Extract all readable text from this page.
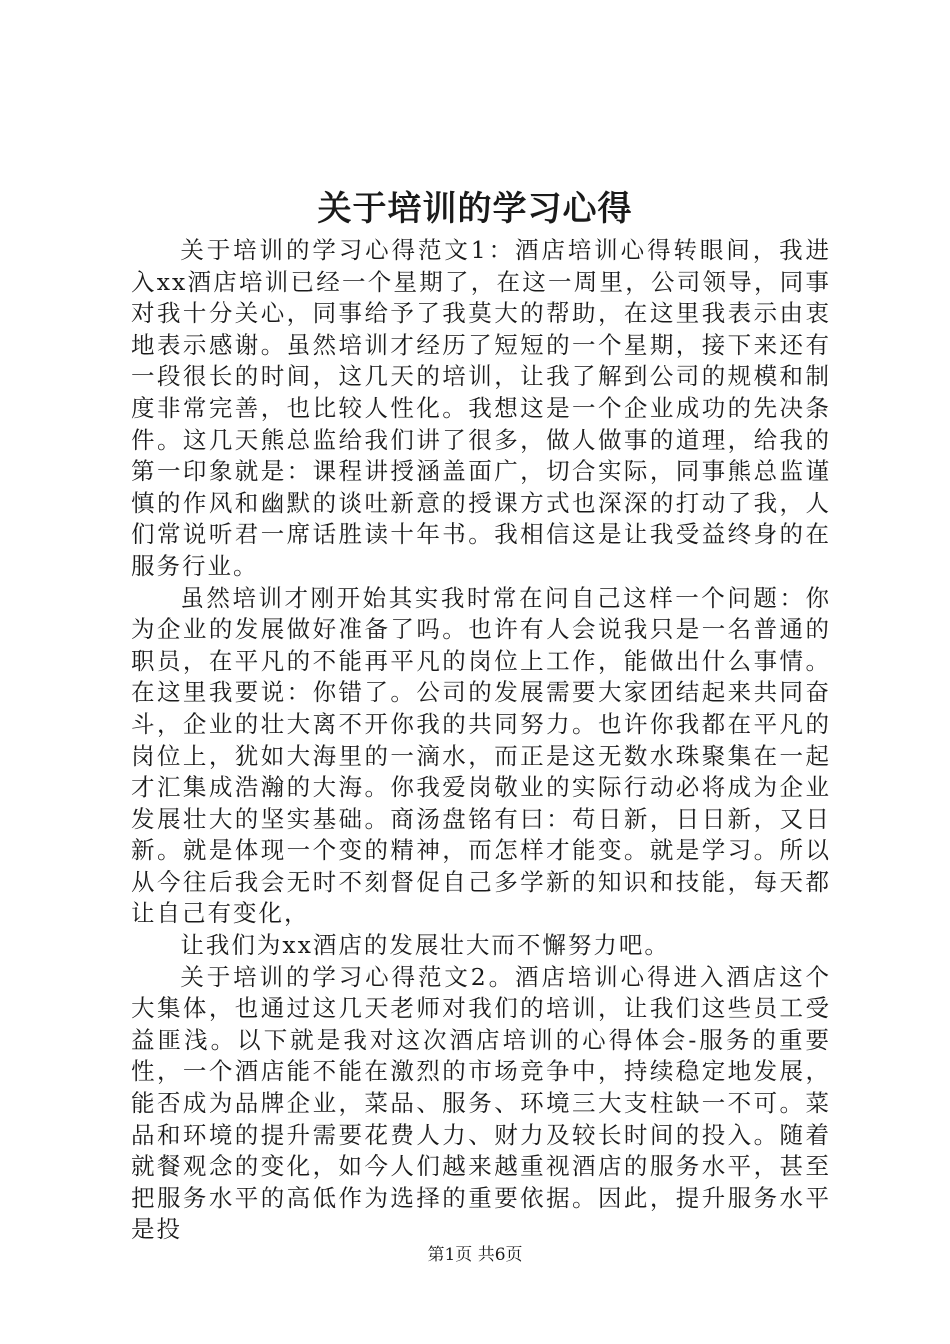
关于培训的学习心得

关于培训的学习心得范文1：酒店培训心得转眼间，我进入xx酒店培训已经一个星期了，在这一周里，公司领导，同事对我十分关心，同事给予了我莫大的帮助，在这里我表示由衷地表示感谢。虽然培训才经历了短短的一个星期，接下来还有一段很长的时间，这几天的培训，让我了解到公司的规模和制度非常完善，也比较人性化。我想这是一个企业成功的先决条件。这几天熊总监给我们讲了很多，做人做事的道理，给我的第一印象就是：课程讲授涵盖面广，切合实际，同事熊总监谨慎的作风和幽默的谈吐新意的授课方式也深深的打动了我，人们常说听君一席话胜读十年书。我相信这是让我受益终身的在服务行业。

虽然培训才刚开始其实我时常在问自己这样一个问题：你为企业的发展做好准备了吗。也许有人会说我只是一名普通的职员，在平凡的不能再平凡的岗位上工作，能做出什么事情。在这里我要说：你错了。公司的发展需要大家团结起来共同奋斗，企业的壮大离不开你我的共同努力。也许你我都在平凡的岗位上，犹如大海里的一滴水，而正是这无数水珠聚集在一起才汇集成浩瀚的大海。你我爱岗敬业的实际行动必将成为企业发展壮大的坚实基础。商汤盘铭有曰：苟日新，日日新，又日新。就是体现一个变的精神，而怎样才能变。就是学习。所以从今往后我会无时不刻督促自己多学新的知识和技能，每天都让自己有变化，

让我们为xx酒店的发展壮大而不懈努力吧。

关于培训的学习心得范文2。酒店培训心得进入酒店这个大集体，也通过这几天老师对我们的培训，让我们这些员工受益匪浅。以下就是我对这次酒店培训的心得体会-服务的重要性，一个酒店能不能在激烈的市场竞争中，持续稳定地发展，能否成为品牌企业，菜品、服务、环境三大支柱缺一不可。菜品和环境的提升需要花费人力、财力及较长时间的投入。随着就餐观念的变化，如今人们越来越重视酒店的服务水平，甚至把服务水平的高低作为选择的重要依据。因此，提升服务水平是投

第1页 共6页
